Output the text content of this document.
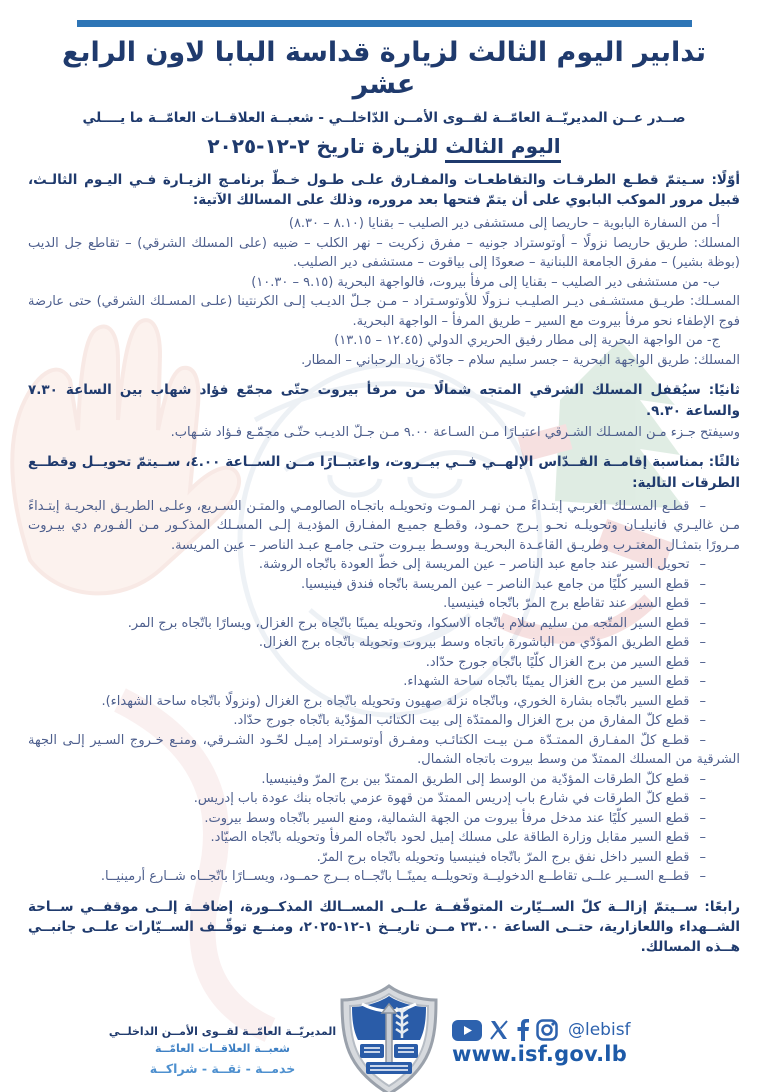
تدابير اليوم الثالث لزيارة قداسة البابا لاون الرابع عشر
صــدر عــن المديريّــة العامّــة لقــوى الأمــن الدّاخلــي - شعبــة العلاقــات العامّــة ما يــــلي
اليوم الثالث للزيارة تاريخ ٢-١٢-٢٠٢٥
أوّلًا: سـيتمّ قطـع الطرقـات والتقاطعـات والمفـارق علـى طـول خـطّ برنامـج الزيـارة فـي اليـوم الثالـث، قبيل مرور الموكب البابوي على أن يتمّ فتحها بعد مروره، وذلك على المسالك الآتية:
أ- من السفارة البابوية – حاريصا إلى مستشفى دير الصليب – بقنايا (٨.١٠ – ٨.٣٠)
المسلك: طريق حاريصا نزولًا – أوتوستراد جونيه – مفرق زكريت – نهر الكلب – ضبيه (على المسلك الشرقي) – تقاطع جل الديب (بوظة بشير) – مفرق الجامعة اللبنانية – صعودًا إلى بياقوت – مستشفى دير الصليب.
ب- من مستشفى دير الصليب – بقنايا إلى مرفأ بيروت، فالواجهة البحرية (٩.١٥ – ١٠.٣٠)
المسـلك: طريـق مستشـفى ديـر الصليـب نـزولًا للأوتوسـتراد – مـن جـلّ الديـب إلـى الكرنتينا (علـى المسـلك الشرقي) حتى عارضة فوج الإطفاء نحو مرفأ بيروت مع السير – طريق المرفأ – الواجهة البحرية.
ج- من الواجهة البحرية إلى مطار رفيق الحريري الدولي (١٢.٤٥ – ١٣.١٥)
المسلك: طريق الواجهة البحرية – جسر سليم سلام – جادّة زياد الرحباني – المطار.
ثانيًا: سيُقفل المسلك الشرقي المتجه شمالًا من مرفأ بيروت حتّى مجمّع فؤاد شهاب بين الساعة ٧.٣٠ والساعة ٩.٣٠.
وسيفتح جـزء مـن المسـلك الشـرقي اعتبـارًا مـن السـاعة ٩.٠٠ مـن جـلّ الديـب حتّـى مجمّـع فـؤاد شـهاب.
ثالثًا: بمناسبة إقامــة القــدّاس الإلهــي فــي بيــروت، واعتبــارًا مــن الســاعة ٤.٠٠، ســيتمّ تحويــل وقطــع الطرقات التالية:
–قطـع المسـلك الغربـي إبتـداءً مـن نهـر المـوت وتحويلـه باتجـاه الصالومـي والمتـن السـريع، وعلـى الطريـق البحريـة إبتـداءً مـن غاليـري فانيليـان وتحويلـه نحـو بـرج حمـود، وقطـع جميـع المفـارق المؤديـة إلـى المسـلك المذكـور مـن الفـورم دي بيـروت مـرورًا بتمثـال المغتـرب وطريـق القاعـدة البحريـة ووسـط بيـروت حتـى جامـع عبـد الناصر – عين المريسة.
–تحويل السير عند جامع عبد الناصر – عين المريسة إلى خطّ العودة باتّجاه الروشة.
–قطع السير كلّيًا من جامع عبد الناصر – عين المريسة باتّجاه فندق فينيسيا.
–قطع السير عند تقاطع برج المرّ باتّجاه فينيسيا.
–قطع السير المتّجه من سليم سلام باتّجاه الاسكوا، وتحويله يمينًا باتّجاه برج الغزال، ويسارًا باتّجاه برج المر.
–قطع الطريق المؤدّي من الباشورة باتجاه وسط بيروت وتحويله باتّجاه برج الغزال.
–قطع السير من برج الغزال كلّيًا باتّجاه جورج حدّاد.
–قطع السير من برج الغزال يمينًا باتّجاه ساحة الشهداء.
–قطع السير باتّجاه بشارة الخوري، وباتّجاه نزلة صهيون وتحويله باتّجاه برج الغزال (ونزولًا باتّجاه ساحة الشهداء).
–قطع كلّ المفارق من برج الغزال والممتدّة إلى بيت الكتائب المؤدّية باتّجاه جورج حدّاد.
–قطـع كلّ المفـارق الممتـدّة مـن بيـت الكتائـب ومفـرق أوتوسـتراد إميـل لحّـود الشـرقي، ومنـع خـروج السـير إلـى الجهة الشرقية من المسلك الممتدّ من وسط بيروت باتجاه الشمال.
–قطع كلّ الطرقات المؤدّية من الوسط إلى الطريق الممتدّ بين برج المرّ وفينيسيا.
–قطع كلّ الطرقات في شارع باب إدريس الممتدّ من قهوة عزمي باتجاه بنك عودة باب إدريس.
–قطع السير كلّيًا عند مدخل مرفأ بيروت من الجهة الشمالية، ومنع السير باتّجاه وسط بيروت.
–قطع السير مقابل وزارة الطاقة على مسلك إميل لحود باتّجاه المرفأ وتحويله باتّجاه الصيّاد.
–قطع السير داخل نفق برج المرّ باتّجاه فينيسيا وتحويله باتّجاه برج المرّ.
–قطــع الســير علــى تقاطــع الدخوليــة وتحويلــه يمينًــا باتّجــاه بــرج حمــود، ويســارًا باتّجــاه شــارع أرمينيــا.
رابعًا: ســيتمّ إزالــة كلّ الســيّارت المتوقّفــة علــى المســالك المذكــورة، إضافــة إلــى موقفــي ســاحة الشــهداء واللعازارية، حتــى الساعة ٢٣.٠٠ مــن تاريــخ ١-١٢-٢٠٢٥، ومنــع توقّــف الســيّارات علــى جانبــي هــذه المسالك.
المديريّــة العامّــة لقــوى الأمــن الداخلــي
شعبــة العلاقــات العامّــة
خدمــة - ثقــة - شراكــة
@lebisf
www.isf.gov.lb
